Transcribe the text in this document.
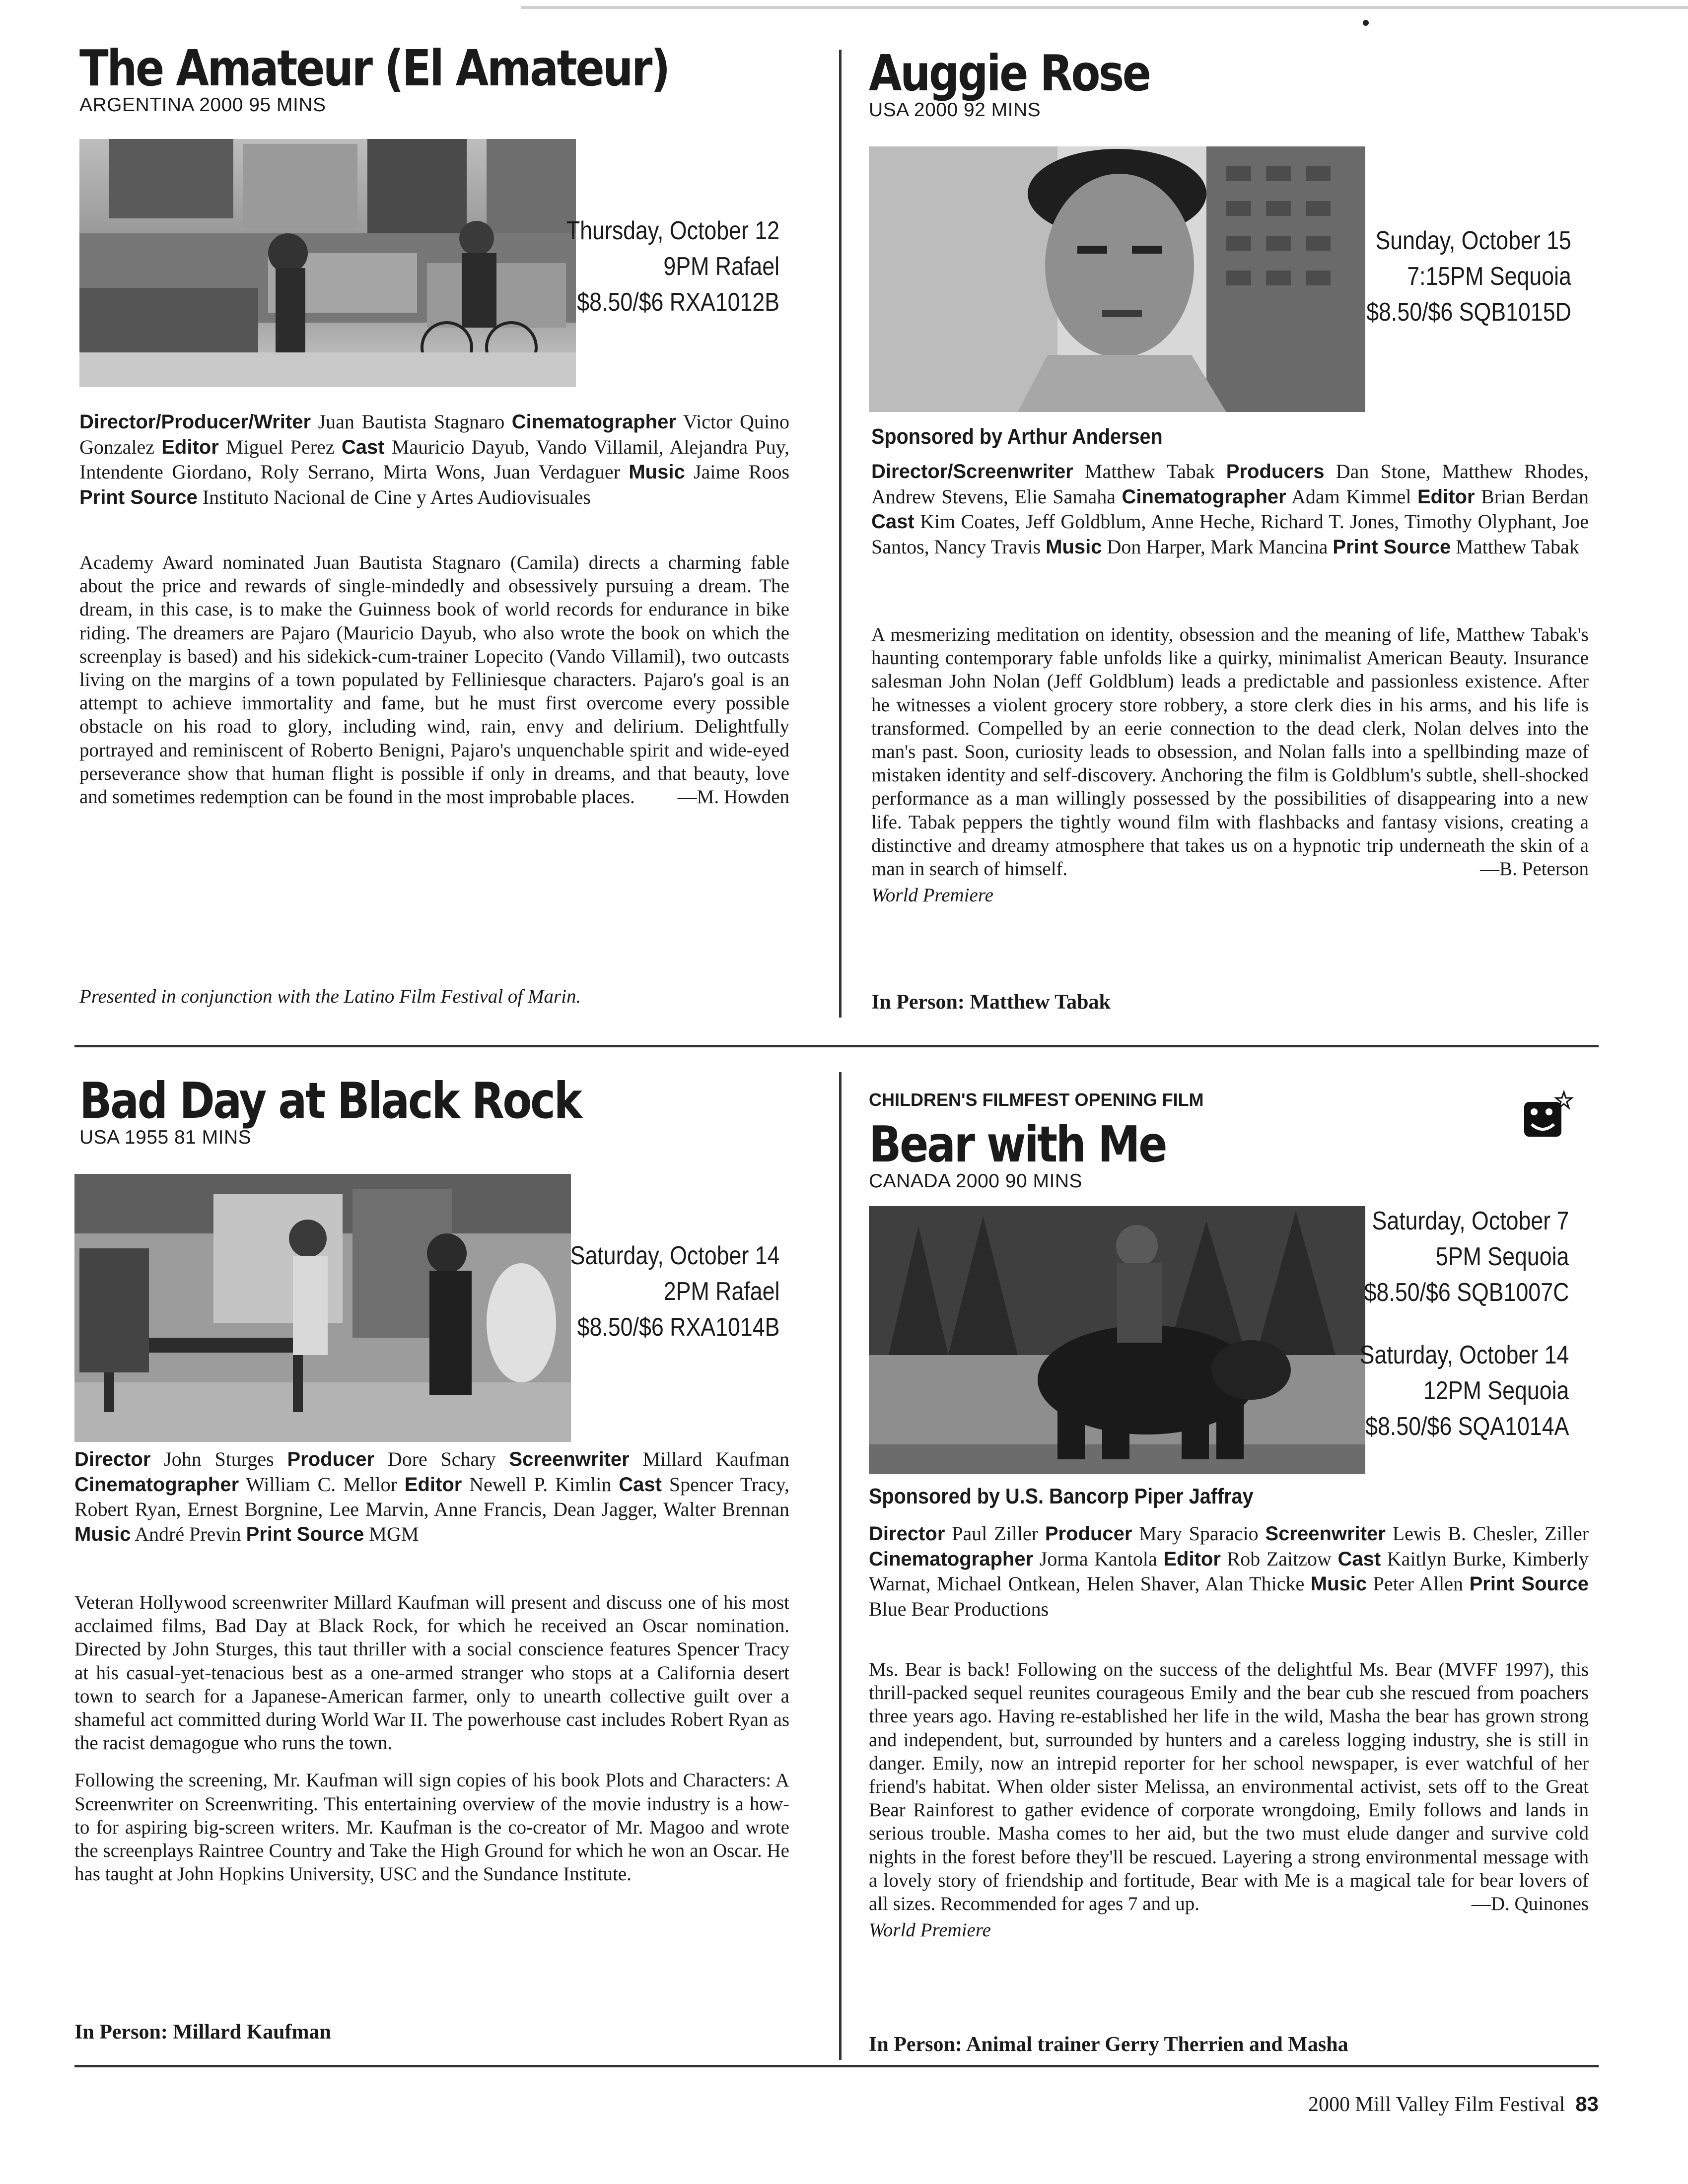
The Amateur (El Amateur)
ARGENTINA 2000 95 MINS
Thursday, October 12
9PM Rafael
$8.50/$6 RXA1012B
Director/Producer/Writer Juan Bautista Stagnaro Cinematographer Victor Quino Gonzalez Editor Miguel Perez Cast Mauricio Dayub, Vando Villamil, Alejandra Puy, Intendente Giordano, Roly Serrano, Mirta Wons, Juan Verdaguer Music Jaime Roos Print Source Instituto Nacional de Cine y Artes Audiovisuales

Academy Award nominated Juan Bautista Stagnaro (Camila) directs a charming fable about the price and rewards of single-mindedly and obsessively pursuing a dream. The dream, in this case, is to make the Guinness book of world records for endurance in bike riding. The dreamers are Pajaro (Mauricio Dayub, who also wrote the book on which the screenplay is based) and his sidekick-cum-trainer Lopecito (Vando Villamil), two outcasts living on the margins of a town populated by Felliniesque characters. Pajaro's goal is an attempt to achieve immortality and fame, but he must first overcome every possible obstacle on his road to glory, including wind, rain, envy and delirium. Delightfully portrayed and reminiscent of Roberto Benigni, Pajaro's unquenchable spirit and wide-eyed perseverance show that human flight is possible if only in dreams, and that beauty, love and sometimes redemption can be found in the most improbable places. —M. Howden

Presented in conjunction with the Latino Film Festival of Marin.
Auggie Rose
USA 2000 92 MINS
Sunday, October 15
7:15PM Sequoia
$8.50/$6 SQB1015D
Sponsored by Arthur Andersen
Director/Screenwriter Matthew Tabak Producers Dan Stone, Matthew Rhodes, Andrew Stevens, Elie Samaha Cinematographer Adam Kimmel Editor Brian Berdan Cast Kim Coates, Jeff Goldblum, Anne Heche, Richard T. Jones, Timothy Olyphant, Joe Santos, Nancy Travis Music Don Harper, Mark Mancina Print Source Matthew Tabak

A mesmerizing meditation on identity, obsession and the meaning of life, Matthew Tabak's haunting contemporary fable unfolds like a quirky, minimalist American Beauty. Insurance salesman John Nolan (Jeff Goldblum) leads a predictable and passionless existence. After he witnesses a violent grocery store robbery, a store clerk dies in his arms, and his life is transformed. Compelled by an eerie connection to the dead clerk, Nolan delves into the man's past. Soon, curiosity leads to obsession, and Nolan falls into a spellbinding maze of mistaken identity and self-discovery. Anchoring the film is Goldblum's subtle, shell-shocked performance as a man willingly possessed by the possibilities of disappearing into a new life. Tabak peppers the tightly wound film with flashbacks and fantasy visions, creating a distinctive and dreamy atmosphere that takes us on a hypnotic trip underneath the skin of a man in search of himself.	—B. Peterson

World Premiere
In Person: Matthew Tabak
Bad Day at Black Rock
USA 1955 81 MINS
Saturday, October 14
2PM Rafael
$8.50/$6 RXA1014B
Director John Sturges Producer Dore Schary Screenwriter Millard Kaufman Cinematographer William C. Mellor Editor Newell P. Kimlin Cast Spencer Tracy, Robert Ryan, Ernest Borgnine, Lee Marvin, Anne Francis, Dean Jagger, Walter Brennan Music André Previn Print Source MGM

Veteran Hollywood screenwriter Millard Kaufman will present and discuss one of his most acclaimed films, Bad Day at Black Rock, for which he received an Oscar nomination. Directed by John Sturges, this taut thriller with a social conscience features Spencer Tracy at his casual-yet-tenacious best as a one-armed stranger who stops at a California desert town to search for a Japanese-American farmer, only to unearth collective guilt over a shameful act committed during World War II. The powerhouse cast includes Robert Ryan as the racist demagogue who runs the town.

Following the screening, Mr. Kaufman will sign copies of his book Plots and Characters: A Screenwriter on Screenwriting. This entertaining overview of the movie industry is a how-to for aspiring big-screen writers. Mr. Kaufman is the co-creator of Mr. Magoo and wrote the screenplays Raintree Country and Take the High Ground for which he won an Oscar. He has taught at John Hopkins University, USC and the Sundance Institute.

In Person: Millard Kaufman
CHILDREN'S FILMFEST OPENING FILM
Bear with Me
CANADA 2000 90 MINS
Saturday, October 7
5PM Sequoia
$8.50/$6 SQB1007C
Saturday, October 14
12PM Sequoia
$8.50/$6 SQA1014A
Sponsored by U.S. Bancorp Piper Jaffray
Director Paul Ziller Producer Mary Sparacio Screenwriter Lewis B. Chesler, Ziller Cinematographer Jorma Kantola Editor Rob Zaitzow Cast Kaitlyn Burke, Kimberly Warnat, Michael Ontkean, Helen Shaver, Alan Thicke Music Peter Allen Print Source Blue Bear Productions

Ms. Bear is back! Following on the success of the delightful Ms. Bear (MVFF 1997), this thrill-packed sequel reunites courageous Emily and the bear cub she rescued from poachers three years ago. Having re-established her life in the wild, Masha the bear has grown strong and independent, but, surrounded by hunters and a careless logging industry, she is still in danger. Emily, now an intrepid reporter for her school newspaper, is ever watchful of her friend's habitat. When older sister Melissa, an environmental activist, sets off to the Great Bear Rainforest to gather evidence of corporate wrongdoing, Emily follows and lands in serious trouble. Masha comes to her aid, but the two must elude danger and survive cold nights in the forest before they'll be rescued. Layering a strong environmental message with a lovely story of friendship and fortitude, Bear with Me is a magical tale for bear lovers of all sizes. Recommended for ages 7 and up.	—D. Quinones

World Premiere
In Person: Animal trainer Gerry Therrien and Masha
2000 Mill Valley Film Festival 83
